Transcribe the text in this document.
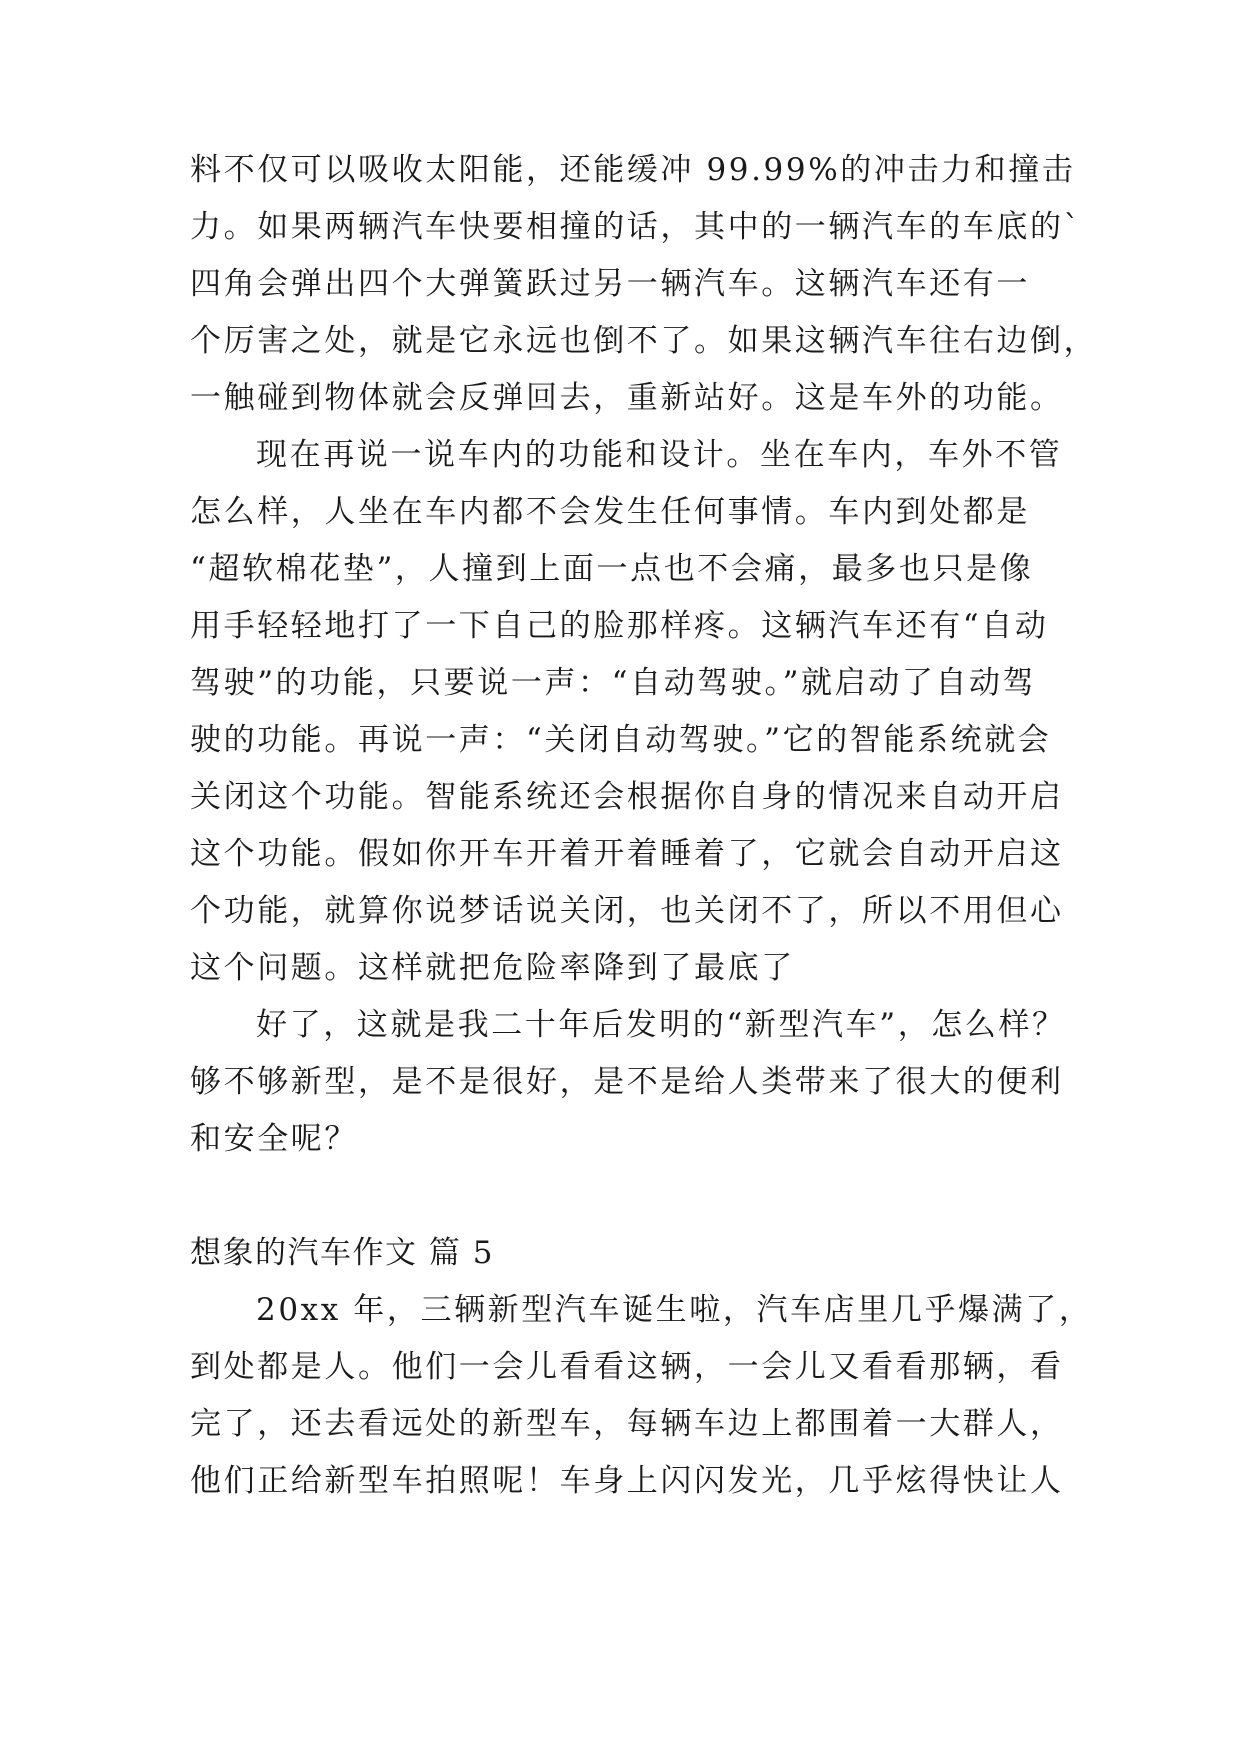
料不仅可以吸收太阳能，还能缓冲 99.99%的冲击力和撞击
力。如果两辆汽车快要相撞的话，其中的一辆汽车的车底的`
四角会弹出四个大弹簧跃过另一辆汽车。这辆汽车还有一
个厉害之处，就是它永远也倒不了。如果这辆汽车往右边倒，
一触碰到物体就会反弹回去，重新站好。这是车外的功能。
现在再说一说车内的功能和设计。坐在车内，车外不管
怎么样，人坐在车内都不会发生任何事情。车内到处都是
“超软棉花垫”，人撞到上面一点也不会痛，最多也只是像
用手轻轻地打了一下自己的脸那样疼。这辆汽车还有“自动
驾驶”的功能，只要说一声：“自动驾驶。”就启动了自动驾
驶的功能。再说一声：“关闭自动驾驶。”它的智能系统就会
关闭这个功能。智能系统还会根据你自身的情况来自动开启
这个功能。假如你开车开着开着睡着了，它就会自动开启这
个功能，就算你说梦话说关闭，也关闭不了，所以不用但心
这个问题。这样就把危险率降到了最底了
好了，这就是我二十年后发明的“新型汽车”，怎么样？
够不够新型，是不是很好，是不是给人类带来了很大的便利
和安全呢？
想象的汽车作文 篇 5
20xx 年，三辆新型汽车诞生啦，汽车店里几乎爆满了，
到处都是人。他们一会儿看看这辆，一会儿又看看那辆，看
完了，还去看远处的新型车，每辆车边上都围着一大群人，
他们正给新型车拍照呢！车身上闪闪发光，几乎炫得快让人
